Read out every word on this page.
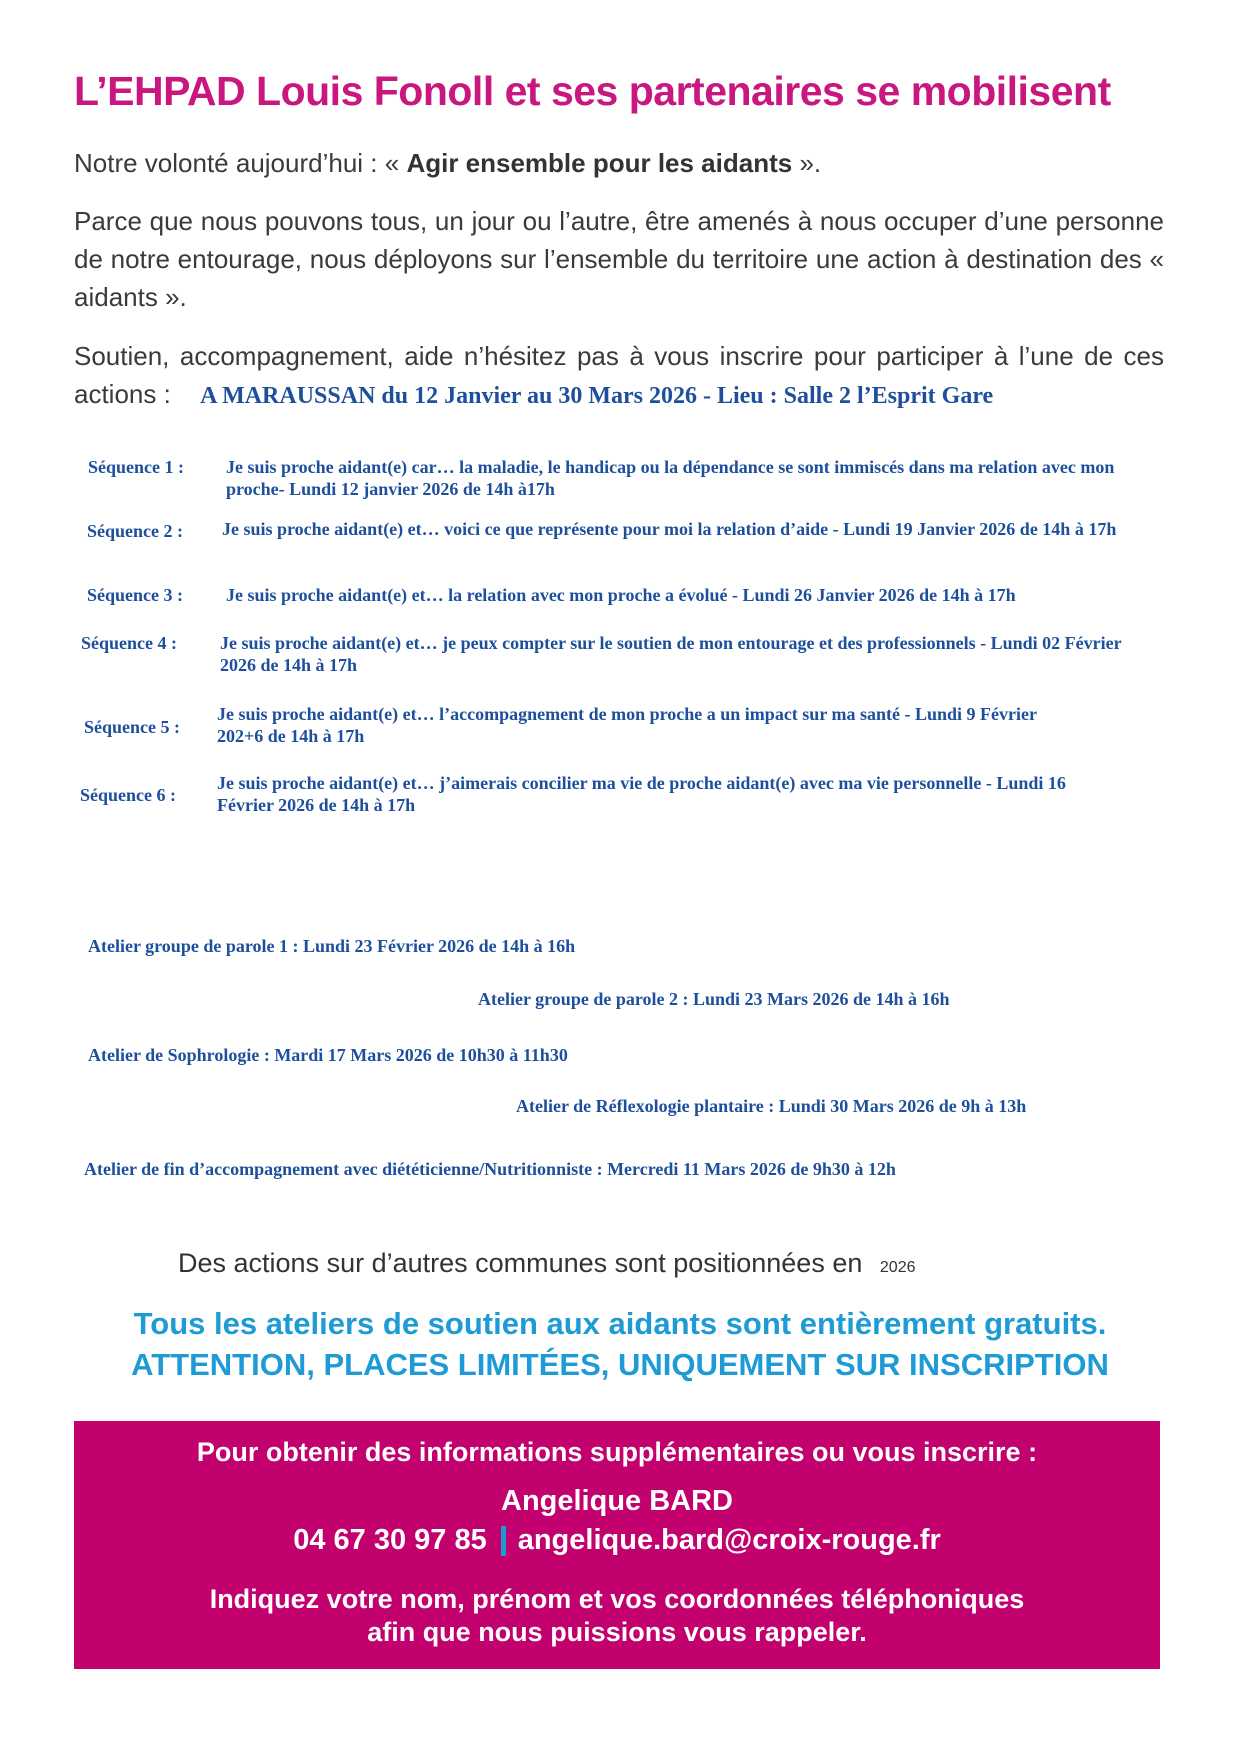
L’EHPAD Louis Fonoll et ses partenaires se mobilisent
Notre volonté aujourd’hui : « Agir ensemble pour les aidants ».
Parce que nous pouvons tous, un jour ou l’autre, être amenés à nous occuper d’une personne de notre entourage, nous déployons sur l’ensemble du territoire une action à destination des « aidants ».
Soutien, accompagnement, aide n’hésitez pas à vous inscrire pour participer à l’une de ces actions : A MARAUSSAN du 12 Janvier au 30 Mars 2026 - Lieu : Salle 2 l’Esprit Gare
Séquence 1 : Je suis proche aidant(e) car… la maladie, le handicap ou la dépendance se sont immiscés dans ma relation avec mon proche- Lundi 12 janvier 2026 de 14h à17h
Séquence 2 : Je suis proche aidant(e) et… voici ce que représente pour moi la relation d’aide - Lundi 19 Janvier 2026 de 14h à 17h
Séquence 3 : Je suis proche aidant(e) et… la relation avec mon proche a évolué - Lundi 26 Janvier 2026 de 14h à 17h
Séquence 4 : Je suis proche aidant(e) et… je peux compter sur le soutien de mon entourage et des professionnels - Lundi 02 Février 2026 de 14h à 17h
Séquence 5 :
Je suis proche aidant(e) et… l’accompagnement de mon proche a un impact sur ma santé - Lundi 9 Février 202+6 de 14h à 17h
Séquence 6 :
Je suis proche aidant(e) et… j’aimerais concilier ma vie de proche aidant(e) avec ma vie personnelle - Lundi 16 Février 2026 de 14h à 17h
Atelier groupe de parole 1 : Lundi 23 Février 2026 de 14h à 16h
Atelier groupe de parole 2 : Lundi 23 Mars 2026 de 14h à 16h
Atelier de Sophrologie : Mardi 17 Mars 2026 de 10h30 à 11h30
Atelier de Réflexologie plantaire : Lundi 30 Mars 2026 de 9h à 13h
Atelier de fin d’accompagnement avec diététicienne/Nutritionniste : Mercredi 11 Mars 2026 de 9h30 à 12h
Des actions sur d’autres communes sont positionnées en 2026
Tous les ateliers de soutien aux aidants sont entièrement gratuits.
ATTENTION, PLACES LIMITÉES, UNIQUEMENT SUR INSCRIPTION
Pour obtenir des informations supplémentaires ou vous inscrire :
Angelique BARD
04 67 30 97 85 angelique.bard@croix-rouge.fr
Indiquez votre nom, prénom et vos coordonnées téléphoniques
afin que nous puissions vous rappeler.
